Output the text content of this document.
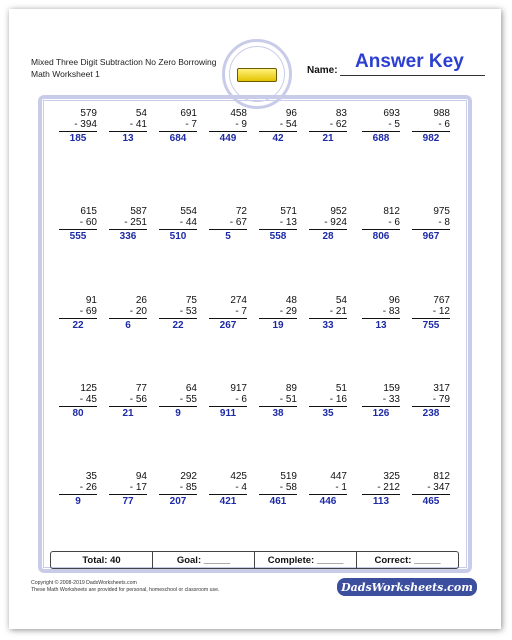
Mixed Three Digit Subtraction No Zero Borrowing
Math Worksheet 1	Name: Answer Key
579
- 394
185
54
- 41
13
691
- 7
684
458
- 9
449
96
- 54
42
83
- 62
21
693
- 5
688
988
- 6
982
615
- 60
555
587
- 251
336
554
- 44
510
72
- 67
5
571
- 13
558
952
- 924
28
812
- 6
806
975
- 8
967
91
- 69
22
26
- 20
6
75
- 53
22
274
- 7
267
48
- 29
19
54
- 21
33
96
- 83
13
767
- 12
755
125
- 45
80
77
- 56
21
64
- 55
9
917
- 6
911
89
- 51
38
51
- 16
35
159
- 33
126
317
- 79
238
35
- 26
9
94
- 17
77
292
- 85
207
425
- 4
421
519
- 58
461
447
- 1
446
325
- 212
113
812
- 347
465
Total: 40	Goal: _____	Complete: _____	Correct: _____
Copyright © 2008-2019 DadsWorksheets.com
These Math Worksheets are provided for personal, homeschool or classroom use.	DadsWorksheets.com
